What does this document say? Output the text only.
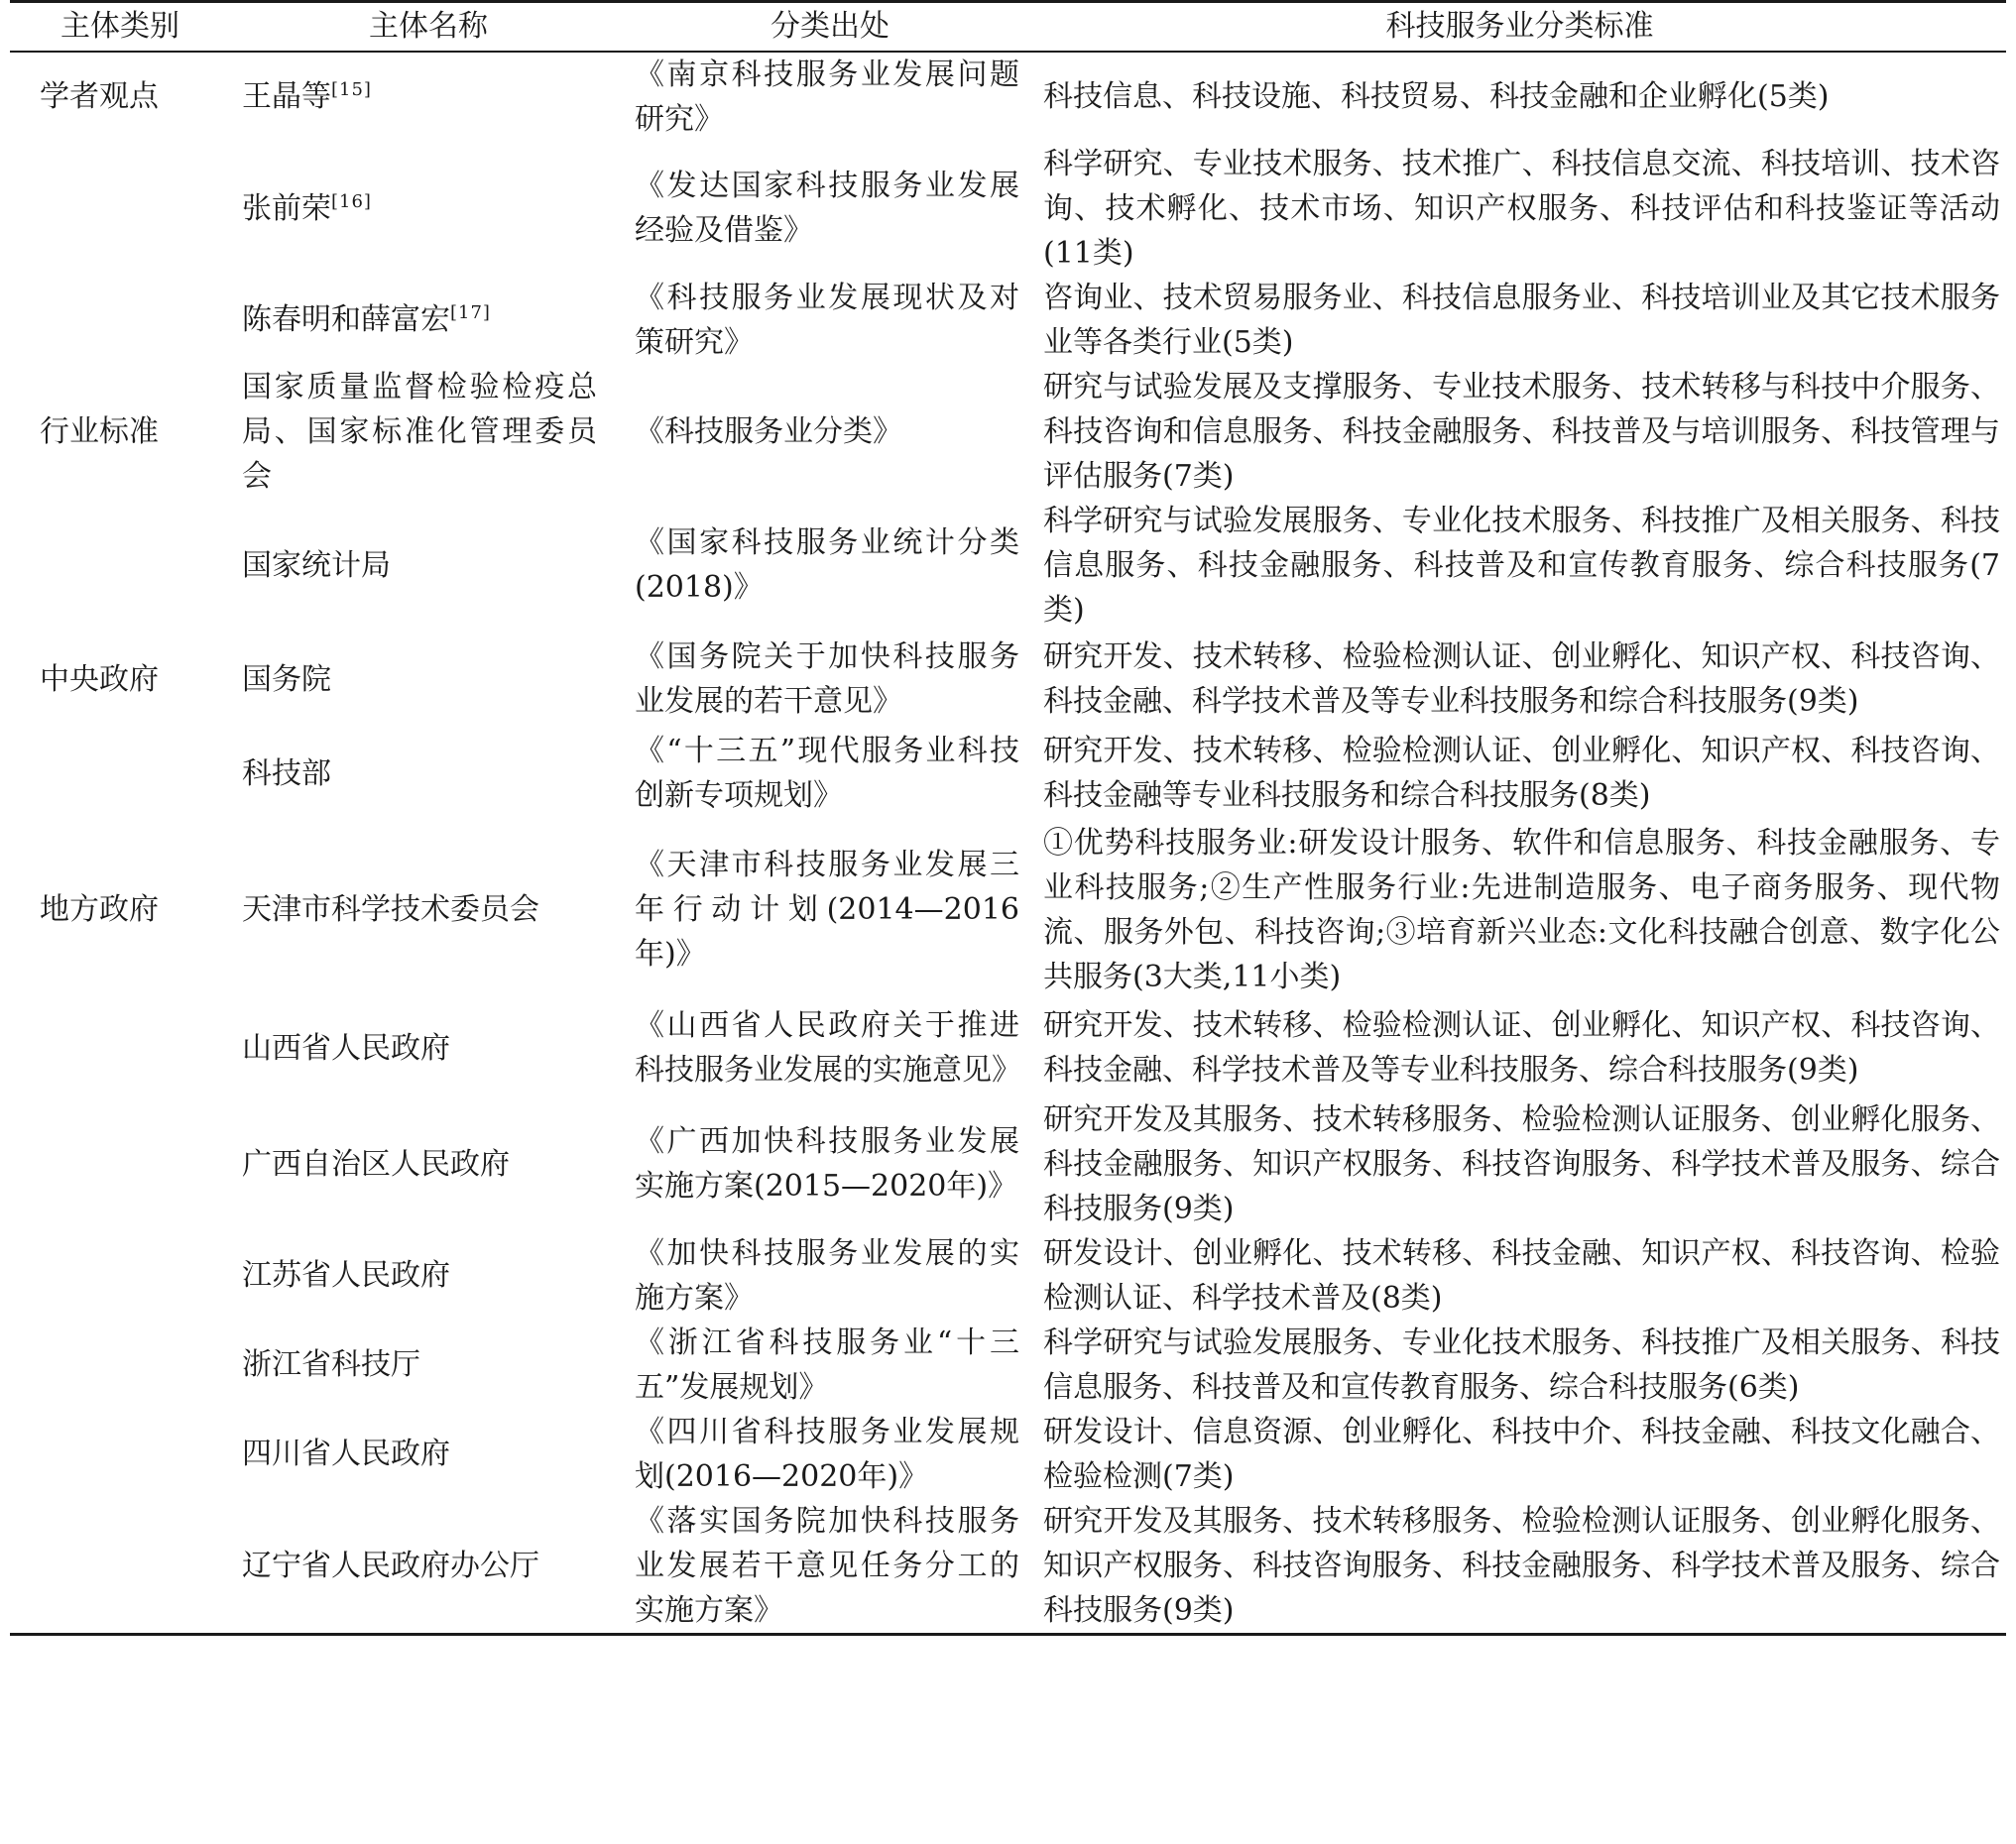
主体类别	主体名称	分类出处	科技服务业分类标准
学者观点	王晶等[15]	《南京科技服务业发展问题研究》	科技信息、科技设施、科技贸易、科技金融和企业孵化(5类)
	张前荣[16]	《发达国家科技服务业发展经验及借鉴》	科学研究、专业技术服务、技术推广、科技信息交流、科技培训、技术咨询、技术孵化、技术市场、知识产权服务、科技评估和科技鉴证等活动(11类)
	陈春明和薛富宏[17]	《科技服务业发展现状及对策研究》	咨询业、技术贸易服务业、科技信息服务业、科技培训业及其它技术服务业等各类行业(5类)
行业标准	国家质量监督检验检疫总局、国家标准化管理委员会	《科技服务业分类》	研究与试验发展及支撑服务、专业技术服务、技术转移与科技中介服务、科技咨询和信息服务、科技金融服务、科技普及与培训服务、科技管理与评估服务(7类)
	国家统计局	《国家科技服务业统计分类(2018)》	科学研究与试验发展服务、专业化技术服务、科技推广及相关服务、科技信息服务、科技金融服务、科技普及和宣传教育服务、综合科技服务(7类)
中央政府	国务院	《国务院关于加快科技服务业发展的若干意见》	研究开发、技术转移、检验检测认证、创业孵化、知识产权、科技咨询、科技金融、科学技术普及等专业科技服务和综合科技服务(9类)
	科技部	《“十三五”现代服务业科技创新专项规划》	研究开发、技术转移、检验检测认证、创业孵化、知识产权、科技咨询、科技金融等专业科技服务和综合科技服务(8类)
地方政府	天津市科学技术委员会	《天津市科技服务业发展三年行动计划(2014—2016年)》	①优势科技服务业:研发设计服务、软件和信息服务、科技金融服务、专业科技服务;②生产性服务行业:先进制造服务、电子商务服务、现代物流、服务外包、科技咨询;③培育新兴业态:文化科技融合创意、数字化公共服务(3大类,11小类)
	山西省人民政府	《山西省人民政府关于推进科技服务业发展的实施意见》	研究开发、技术转移、检验检测认证、创业孵化、知识产权、科技咨询、科技金融、科学技术普及等专业科技服务、综合科技服务(9类)
	广西自治区人民政府	《广西加快科技服务业发展实施方案(2015—2020年)》	研究开发及其服务、技术转移服务、检验检测认证服务、创业孵化服务、科技金融服务、知识产权服务、科技咨询服务、科学技术普及服务、综合科技服务(9类)
	江苏省人民政府	《加快科技服务业发展的实施方案》	研发设计、创业孵化、技术转移、科技金融、知识产权、科技咨询、检验检测认证、科学技术普及(8类)
	浙江省科技厅	《浙江省科技服务业“十三五”发展规划》	科学研究与试验发展服务、专业化技术服务、科技推广及相关服务、科技信息服务、科技普及和宣传教育服务、综合科技服务(6类)
	四川省人民政府	《四川省科技服务业发展规划(2016—2020年)》	研发设计、信息资源、创业孵化、科技中介、科技金融、科技文化融合、检验检测(7类)
	辽宁省人民政府办公厅	《落实国务院加快科技服务业发展若干意见任务分工的实施方案》	研究开发及其服务、技术转移服务、检验检测认证服务、创业孵化服务、知识产权服务、科技咨询服务、科技金融服务、科学技术普及服务、综合科技服务(9类)
